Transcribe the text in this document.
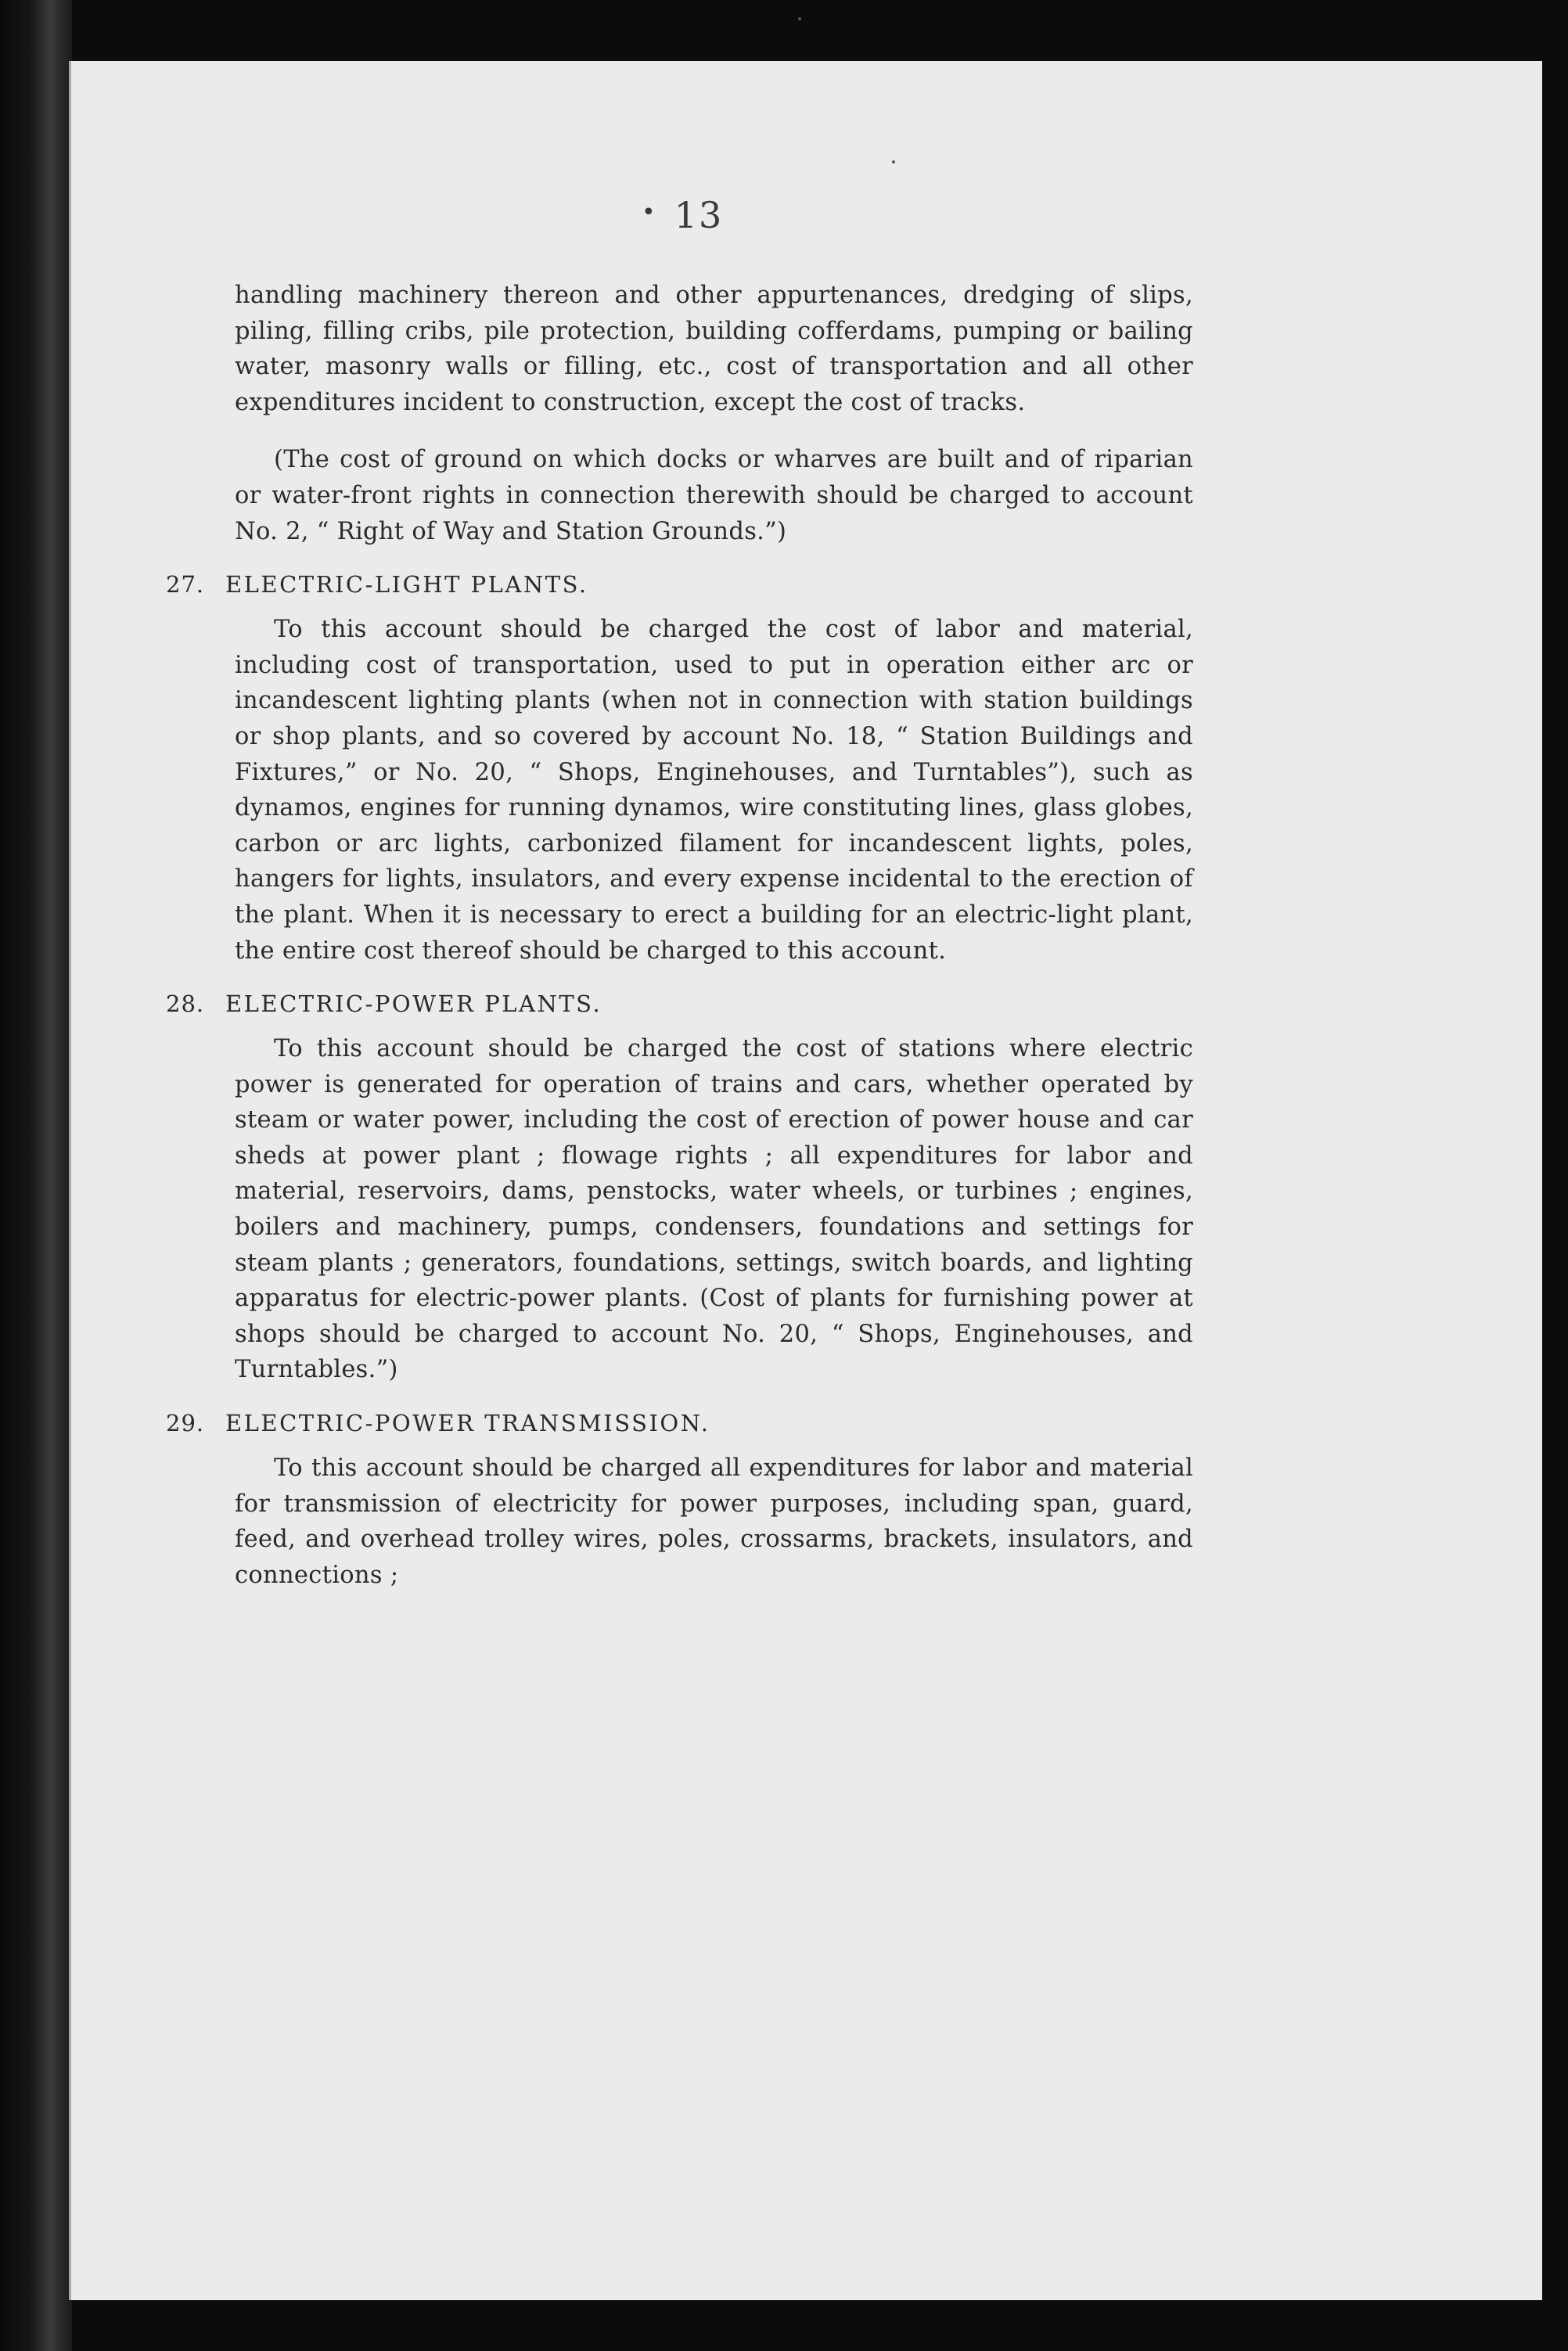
• 13

handling machinery thereon and other appurtenances, dredging of slips, piling, filling cribs, pile protection, building cofferdams, pumping or bailing water, masonry walls or filling, etc., cost of transportation and all other expenditures incident to construction, except the cost of tracks.

(The cost of ground on which docks or wharves are built and of riparian or water-front rights in connection therewith should be charged to account No. 2, “ Right of Way and Station Grounds.”)

27. ELECTRIC-LIGHT PLANTS.

To this account should be charged the cost of labor and material, including cost of transportation, used to put in operation either arc or incandescent lighting plants (when not in connection with station buildings or shop plants, and so covered by account No. 18, “ Station Buildings and Fixtures,” or No. 20, “ Shops, Enginehouses, and Turntables”), such as dynamos, engines for running dynamos, wire constituting lines, glass globes, carbon or arc lights, carbonized filament for incandescent lights, poles, hangers for lights, insulators, and every expense incidental to the erection of the plant. When it is necessary to erect a building for an electric-light plant, the entire cost thereof should be charged to this account.

28. ELECTRIC-POWER PLANTS.

To this account should be charged the cost of stations where electric power is generated for operation of trains and cars, whether operated by steam or water power, including the cost of erection of power house and car sheds at power plant ; flowage rights ; all expenditures for labor and material, reservoirs, dams, penstocks, water wheels, or turbines ; engines, boilers and machinery, pumps, condensers, foundations and settings for steam plants ; generators, foundations, settings, switch boards, and lighting apparatus for electric-power plants. (Cost of plants for furnishing power at shops should be charged to account No. 20, “ Shops, Enginehouses, and Turntables.”)

29. ELECTRIC-POWER TRANSMISSION.

To this account should be charged all expenditures for labor and material for transmission of electricity for power purposes, including span, guard, feed, and overhead trolley wires, poles, crossarms, brackets, insulators, and connections ;
